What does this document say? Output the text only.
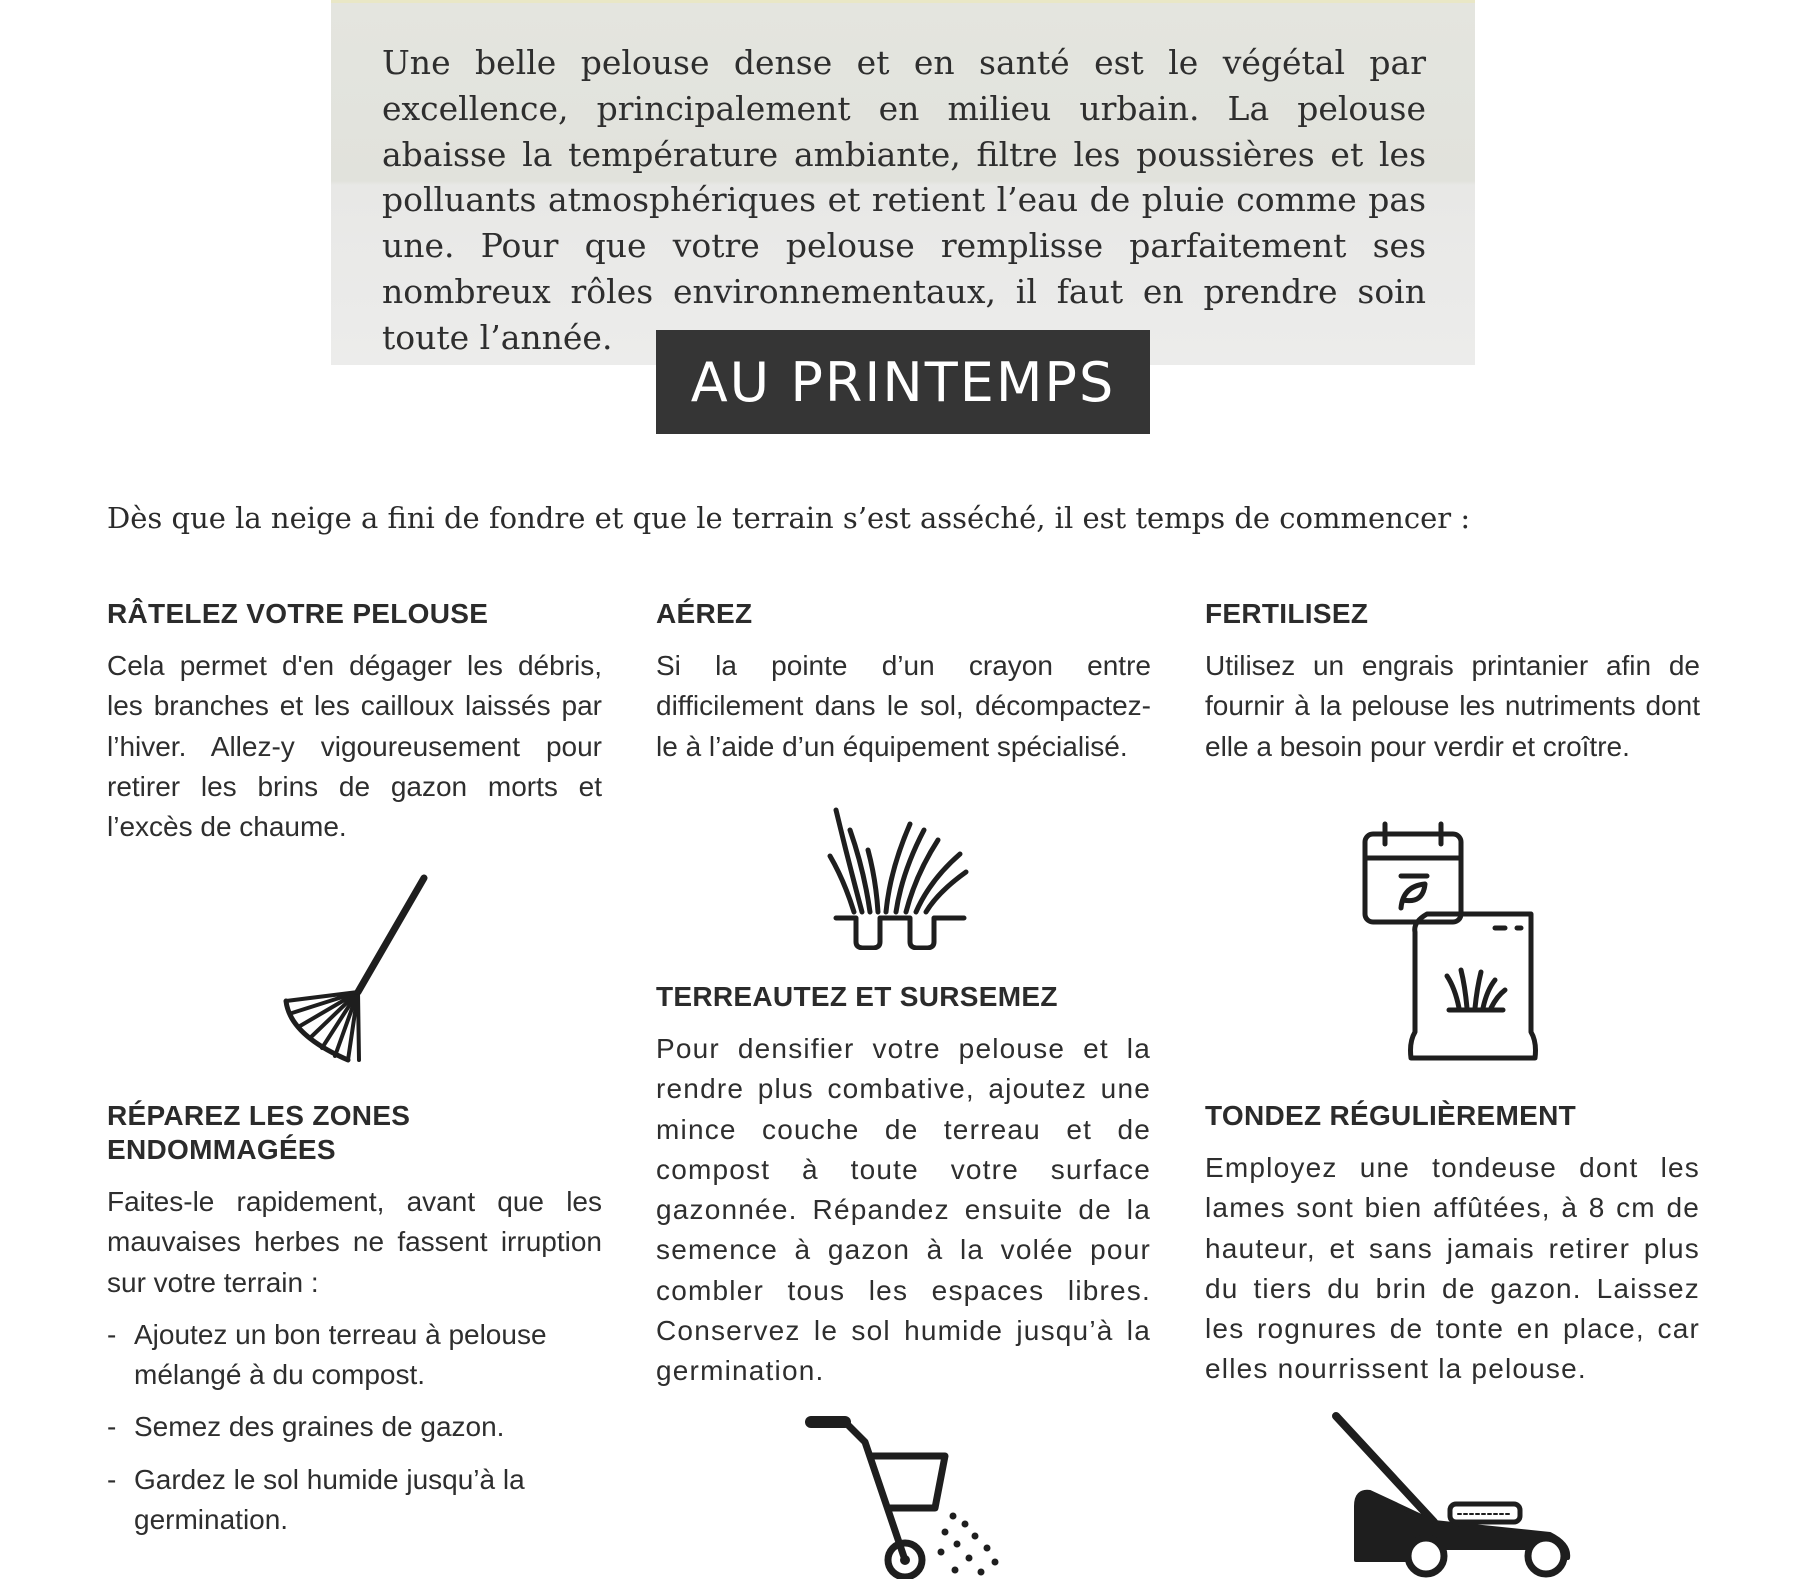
Une belle pelouse dense et en santé est le végétal par excellence, principalement en milieu urbain. La pelouse abaisse la température ambiante, filtre les poussières et les polluants atmosphériques et retient l’eau de pluie comme pas une. Pour que votre pelouse remplisse parfaitement ses nombreux rôles environnementaux, il faut en prendre soin toute l’année.

AU PRINTEMPS

Dès que la neige a fini de fondre et que le terrain s’est asséché, il est temps de commencer :

RÂTELEZ VOTRE PELOUSE

Cela permet d'en dégager les débris, les branches et les cailloux laissés par l’hiver. Allez-y vigoureusement pour retirer les brins de gazon morts et l’excès de chaume.

RÉPAREZ LES ZONES ENDOMMAGÉES

Faites-le rapidement, avant que les mauvaises herbes ne fassent irruption sur votre terrain :

- Ajoutez un bon terreau à pelouse mélangé à du compost.
- Semez des graines de gazon.
- Gardez le sol humide jusqu’à la germination.
AÉREZ

Si la pointe d’un crayon entre difficilement dans le sol, décompactez-le à l’aide d’un équipement spécialisé.

TERREAUTEZ ET SURSEMEZ

Pour densifier votre pelouse et la rendre plus combative, ajoutez une mince couche de terreau et de compost à toute votre surface gazonnée. Répandez ensuite de la semence à gazon à la volée pour combler tous les espaces libres. Conservez le sol humide jusqu’à la germination.

FERTILISEZ

Utilisez un engrais printanier afin de fournir à la pelouse les nutriments dont elle a besoin pour verdir et croître.

TONDEZ RÉGULIÈREMENT

Employez une tondeuse dont les lames sont bien affûtées, à 8 cm de hauteur, et sans jamais retirer plus du tiers du brin de gazon. Laissez les rognures de tonte en place, car elles nourrissent la pelouse.
